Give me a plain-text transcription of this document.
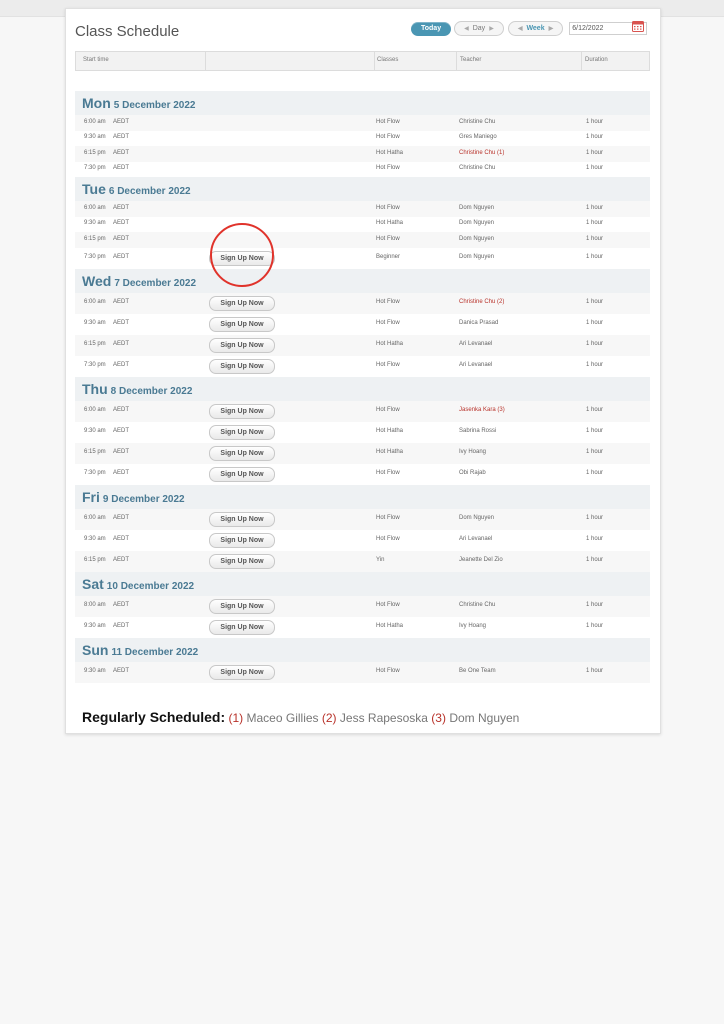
Class Schedule	Today	◀ Day ▶	◀ Week ▶	6/12/2022
Start time	Classes	Teacher	Duration
Mon 5 December 2022
6:00 am AEDT	Hot Flow	Christine Chu	1 hour
9:30 am AEDT	Hot Flow	Gres Maniego	1 hour
6:15 pm AEDT	Hot Hatha	Christine Chu (1)	1 hour
7:30 pm AEDT	Hot Flow	Christine Chu	1 hour
Tue 6 December 2022
6:00 am AEDT	Hot Flow	Dom Nguyen	1 hour
9:30 am AEDT	Hot Hatha	Dom Nguyen	1 hour
6:15 pm AEDT	Hot Flow	Dom Nguyen	1 hour
7:30 pm AEDT	Sign Up Now	Beginner	Dom Nguyen	1 hour
Wed 7 December 2022
6:00 am AEDT	Sign Up Now	Hot Flow	Christine Chu (2)	1 hour
9:30 am AEDT	Sign Up Now	Hot Flow	Danica Prasad	1 hour
6:15 pm AEDT	Sign Up Now	Hot Hatha	Ari Levanael	1 hour
7:30 pm AEDT	Sign Up Now	Hot Flow	Ari Levanael	1 hour
Thu 8 December 2022
6:00 am AEDT	Sign Up Now	Hot Flow	Jasenka Kara (3)	1 hour
9:30 am AEDT	Sign Up Now	Hot Hatha	Sabrina Rossi	1 hour
6:15 pm AEDT	Sign Up Now	Hot Hatha	Ivy Hoang	1 hour
7:30 pm AEDT	Sign Up Now	Hot Flow	Obi Rajab	1 hour
Fri 9 December 2022
6:00 am AEDT	Sign Up Now	Hot Flow	Dom Nguyen	1 hour
9:30 am AEDT	Sign Up Now	Hot Flow	Ari Levanael	1 hour
6:15 pm AEDT	Sign Up Now	Yin	Jeanette Del Zio	1 hour
Sat 10 December 2022
8:00 am AEDT	Sign Up Now	Hot Flow	Christine Chu	1 hour
9:30 am AEDT	Sign Up Now	Hot Hatha	Ivy Hoang	1 hour
Sun 11 December 2022
9:30 am AEDT	Sign Up Now	Hot Flow	Be One Team	1 hour
Regularly Scheduled: (1) Maceo Gillies (2) Jess Rapesoska (3) Dom Nguyen
